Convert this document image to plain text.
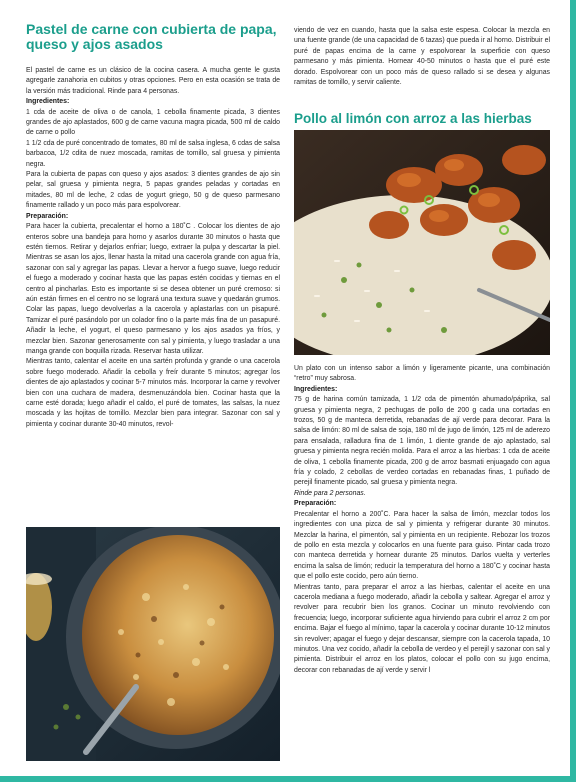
Pastel de carne con cubierta de papa,
queso y ajos asados

El pastel de carne es un clásico de la cocina casera. A mucha gente le gusta agregarle zanahoria en cubitos y otras opciones. Pero en esta ocasión se trata de la versión más tradicional. Rinde para 4 personas.

Ingredientes:

1 cda de aceite de oliva o de canola, 1 cebolla finamente picada, 3 dientes grandes de ajo aplastados, 600 g de carne vacuna magra picada, 500 ml de caldo de carne o pollo

1 1/2 cda de puré concentrado de tomates, 80 ml de salsa inglesa, 6 cdas de salsa barbacoa, 1/2 cdita de nuez moscada, ramitas de tomillo, sal gruesa y pimienta negra.

Para la cubierta de papas con queso y ajos asados: 3 dientes grandes de ajo sin pelar, sal gruesa y pimienta negra, 5 papas grandes peladas y cortadas en mitades, 80 ml de leche, 2 cdas de yogurt griego, 50 g de queso parmesano finamente rallado y un poco más para espolvorear.

Preparación:

Para hacer la cubierta, precalentar el horno a 180˚C . Colocar los dientes de ajo enteros sobre una bandeja para horno y asarlos durante 30 minutos o hasta que estén tiernos. Retirar y dejarlos enfriar; luego, extraer la pulpa y descartar la piel. Mientras se asan los ajos, llenar hasta la mitad una cacerola grande con agua fría, sazonar con sal y agregar las papas. Llevar a hervor a fuego suave, luego reducir el fuego a moderado y cocinar hasta que las papas estén cocidas y tiernas en el centro al pincharlas. Esto es importante si se desea obtener un puré cremoso: si aún están firmes en el centro no se logrará una textura suave y quedarán grumos. Colar las papas, luego devolverlas a la cacerola y aplastarlas con un pisapuré. Tamizar el puré pasándolo por un colador fino o la parte más fina de un pasapuré. Añadir la leche, el yogurt, el queso parmesano y los ajos asados ya fríos, y mezclar bien. Sazonar generosamente con sal y pimienta, y luego trasladar a una manga grande con boquilla rizada. Reservar hasta utilizar.

Mientras tanto, calentar el aceite en una sartén profunda y grande o una cacerola sobre fuego moderado. Añadir la cebolla y freír durante 5 minutos; agregar los dientes de ajo aplastados y cocinar 5-7 minutos más. Incorporar la carne y revolver bien con una cuchara de madera, desmenuzándola bien. Cocinar hasta que la carne esté dorada; luego añadir el caldo, el puré de tomates, las salsas, la nuez moscada y las hojitas de tomillo. Mezclar bien para integrar. Sazonar con sal y pimienta y cocinar durante 30-40 minutos, revol-

viendo de vez en cuando, hasta que la salsa este espesa. Colocar la mezcla en una fuente grande (de una capacidad de 6 tazas) que pueda ir al horno. Distribuir el puré de papas encima de la carne y espolvorear la superficie con queso parmesano y más pimienta. Hornear 40-50 minutos o hasta que el puré este dorado. Espolvorear con un poco más de queso rallado si se desea y algunas ramitas de tomillo, y servir caliente.

Pollo al limón con arroz a las hierbas

Un plato con un intenso sabor a limón y ligeramente picante, una combinación “retro” muy sabrosa.

Ingredientes:

75 g de harina común tamizada, 1 1/2 cda de pimentón ahumado/páprika, sal gruesa y pimienta negra, 2 pechugas de pollo de 200 g cada una cortadas en trozos, 50 g de manteca derretida, rebanadas de ají verde para decorar. Para la salsa de limón: 80 ml de salsa de soja, 180 ml de jugo de limón, 125 ml de aderezo para ensalada, ralladura fina de 1 limón, 1 diente grande de ajo aplastado, sal gruesa y pimienta negra recién molida. Para el arroz a las hierbas: 1 cda de aceite de oliva, 1 cebolla finamente picada, 200 g de arroz basmati enjuagado con agua fría y colado, 2 cebollas de verdeo cortadas en rebanadas finas, 1 puñado de perejil finamente picado, sal gruesa y pimienta negra.

Rinde para 2 personas.

Preparación:

Precalentar el horno a 200˚C. Para hacer la salsa de limón, mezclar todos los ingredientes con una pizca de sal y pimienta y refrigerar durante 30 minutos. Mezclar la harina, el pimentón, sal y pimienta en un recipiente. Rebozar los trozos de pollo en esta mezcla y colocarlos en una fuente para guiso. Pintar cada trozo con manteca derretida y hornear durante 25 minutos. Darlos vuelta y verterles encima la salsa de limón; reducir la temperatura del horno a 180˚C y cocinar hasta que el pollo este cocido, pero aún tierno.

Mientras tanto, para preparar el arroz a las hierbas, calentar el aceite en una cacerola mediana a fuego moderado, añadir la cebolla y saltear. Agregar el arroz y revolver para recubrir bien los granos. Cocinar un minuto revolviendo con frecuencia; luego, incorporar suficiente agua hirviendo para cubrir el arroz 2 cm por encima. Bajar el fuego al mínimo, tapar la cacerola y cocinar durante 10-12 minutos sin revolver; apagar el fuego y dejar descansar, siempre con la cacerola tapada, 10 minutos. Una vez cocido, añadir la cebolla de verdeo y el perejil y sazonar con sal y pimienta. Distribuir el arroz en los platos, colocar el pollo con su jugo encima, decorar con rebanadas de ají verde y servir l
